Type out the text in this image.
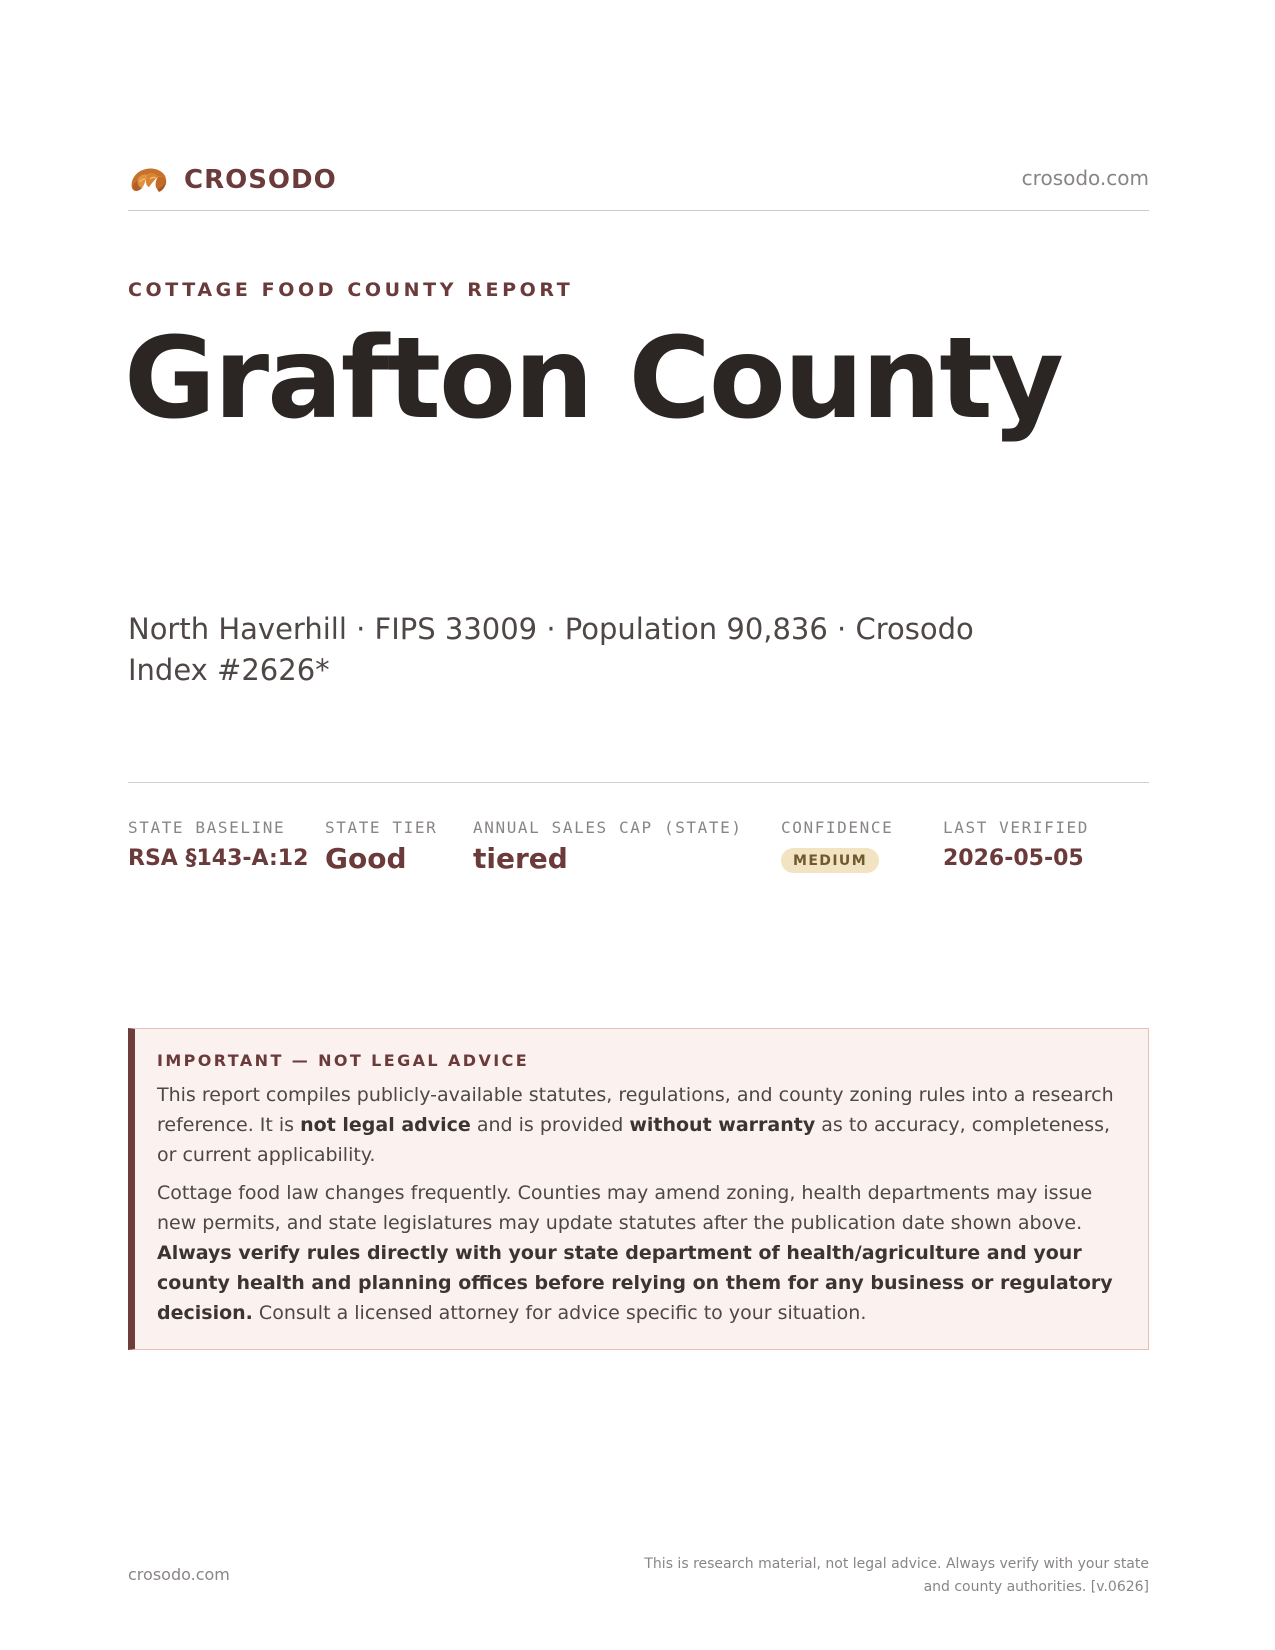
CROSODO	crosodo.com
COTTAGE FOOD COUNTY REPORT
Grafton County
North Haverhill · FIPS 33009 · Population 90,836 · Crosodo Index #2626*
STATE BASELINE
RSA §143-A:12
STATE TIER
Good
ANNUAL SALES CAP (STATE)
tiered
CONFIDENCE
MEDIUM
LAST VERIFIED
2026-05-05
IMPORTANT — NOT LEGAL ADVICE

This report compiles publicly-available statutes, regulations, and county zoning rules into a research reference. It is not legal advice and is provided without warranty as to accuracy, completeness, or current applicability.

Cottage food law changes frequently. Counties may amend zoning, health departments may issue new permits, and state legislatures may update statutes after the publication date shown above. Always verify rules directly with your state department of health/agriculture and your county health and planning offices before relying on them for any business or regulatory decision. Consult a licensed attorney for advice specific to your situation.

crosodo.com
This is research material, not legal advice. Always verify with your state and county authorities. [v.0626]
